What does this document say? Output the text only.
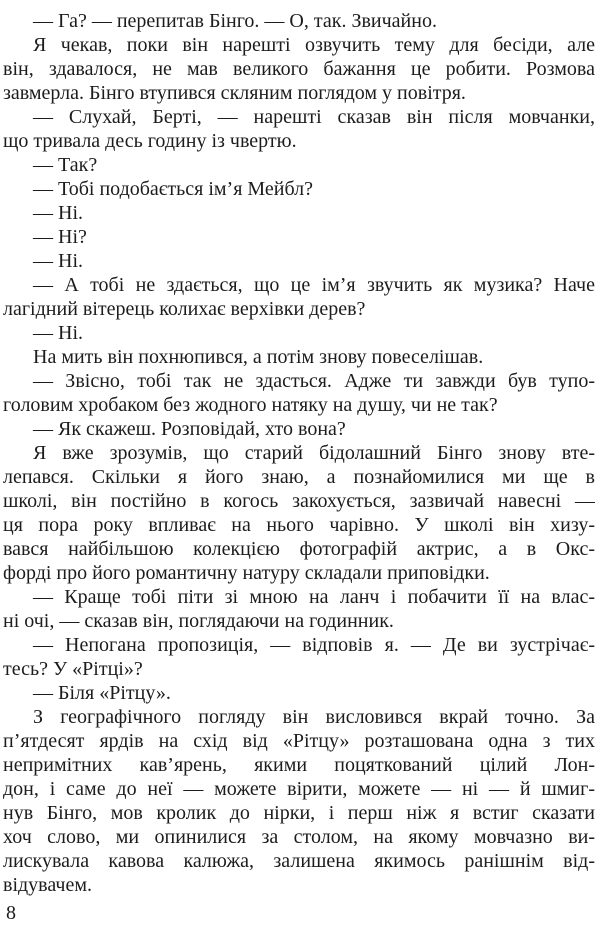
— Га? — перепитав Бінго. — О, так. Звичайно.
Я чекав, поки він нарешті озвучить тему для бесіди, але
він, здавалося, не мав великого бажання це робити. Розмова
завмерла. Бінго втупився скляним поглядом у повітря.
— Слухай, Берті, — нарешті сказав він після мовчанки,
що тривала десь годину із чвертю.
— Так?
— Тобі подобається ім’я Мейбл?
— Ні.
— Ні?
— Ні.
— А тобі не здається, що це ім’я звучить як музика? Наче
лагідний вітерець колихає верхівки дерев?
— Ні.
На мить він похнюпився, а потім знову повеселішав.
— Звісно, тобі так не здасться. Адже ти завжди був тупо-
головим хробаком без жодного натяку на душу, чи не так?
— Як скажеш. Розповідай, хто вона?
Я вже зрозумів, що старий бідолашний Бінго знову вте-
лепався. Скільки я його знаю, а познайомилися ми ще в
школі, він постійно в когось закохується, зазвичай навесні —
ця пора року впливає на нього чарівно. У школі він хизу-
вався найбільшою колекцією фотографій актрис, а в Окс-
форді про його романтичну натуру складали приповідки.
— Краще тобі піти зі мною на ланч і побачити її на влас-
ні очі, — сказав він, поглядаючи на годинник.
— Непогана пропозиція, — відповів я. — Де ви зустрічає-
тесь? У «Рітці»?
— Біля «Рітцу».
З географічного погляду він висловився вкрай точно. За
п’ятдесят ярдів на схід від «Рітцу» розташована одна з тих
непримітних кав’ярень, якими поцяткований цілий Лон-
дон, і саме до неї — можете вірити, можете — ні — й шмиг-
нув Бінго, мов кролик до нірки, і перш ніж я встиг сказати
хоч слово, ми опинилися за столом, на якому мовчазно ви-
лискувала кавова калюжа, залишена якимось ранішнім від-
відувачем.
8
